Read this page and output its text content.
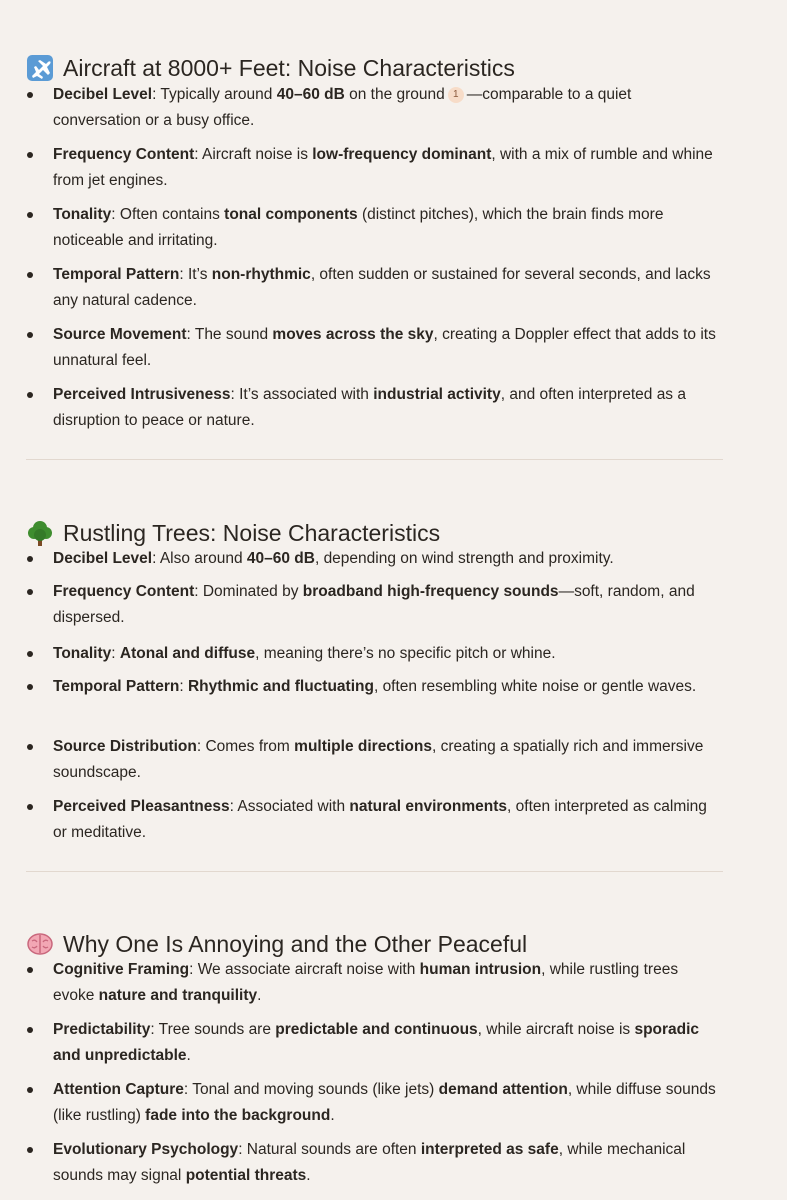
Aircraft at 8000+ Feet: Noise Characteristics
Decibel Level: Typically around 40–60 dB on the ground 1 —comparable to a quiet conversation or a busy office.
Frequency Content: Aircraft noise is low-frequency dominant, with a mix of rumble and whine from jet engines.
Tonality: Often contains tonal components (distinct pitches), which the brain finds more noticeable and irritating.
Temporal Pattern: It’s non-rhythmic, often sudden or sustained for several seconds, and lacks any natural cadence.
Source Movement: The sound moves across the sky, creating a Doppler effect that adds to its unnatural feel.
Perceived Intrusiveness: It’s associated with industrial activity, and often interpreted as a disruption to peace or nature.
Rustling Trees: Noise Characteristics
Decibel Level: Also around 40–60 dB, depending on wind strength and proximity.
Frequency Content: Dominated by broadband high-frequency sounds—soft, random, and dispersed.
Tonality: Atonal and diffuse, meaning there’s no specific pitch or whine.
Temporal Pattern: Rhythmic and fluctuating, often resembling white noise or gentle waves.
Source Distribution: Comes from multiple directions, creating a spatially rich and immersive soundscape.
Perceived Pleasantness: Associated with natural environments, often interpreted as calming or meditative.
Why One Is Annoying and the Other Peaceful
Cognitive Framing: We associate aircraft noise with human intrusion, while rustling trees evoke nature and tranquility.
Predictability: Tree sounds are predictable and continuous, while aircraft noise is sporadic and unpredictable.
Attention Capture: Tonal and moving sounds (like jets) demand attention, while diffuse sounds (like rustling) fade into the background.
Evolutionary Psychology: Natural sounds are often interpreted as safe, while mechanical sounds may signal potential threats.
